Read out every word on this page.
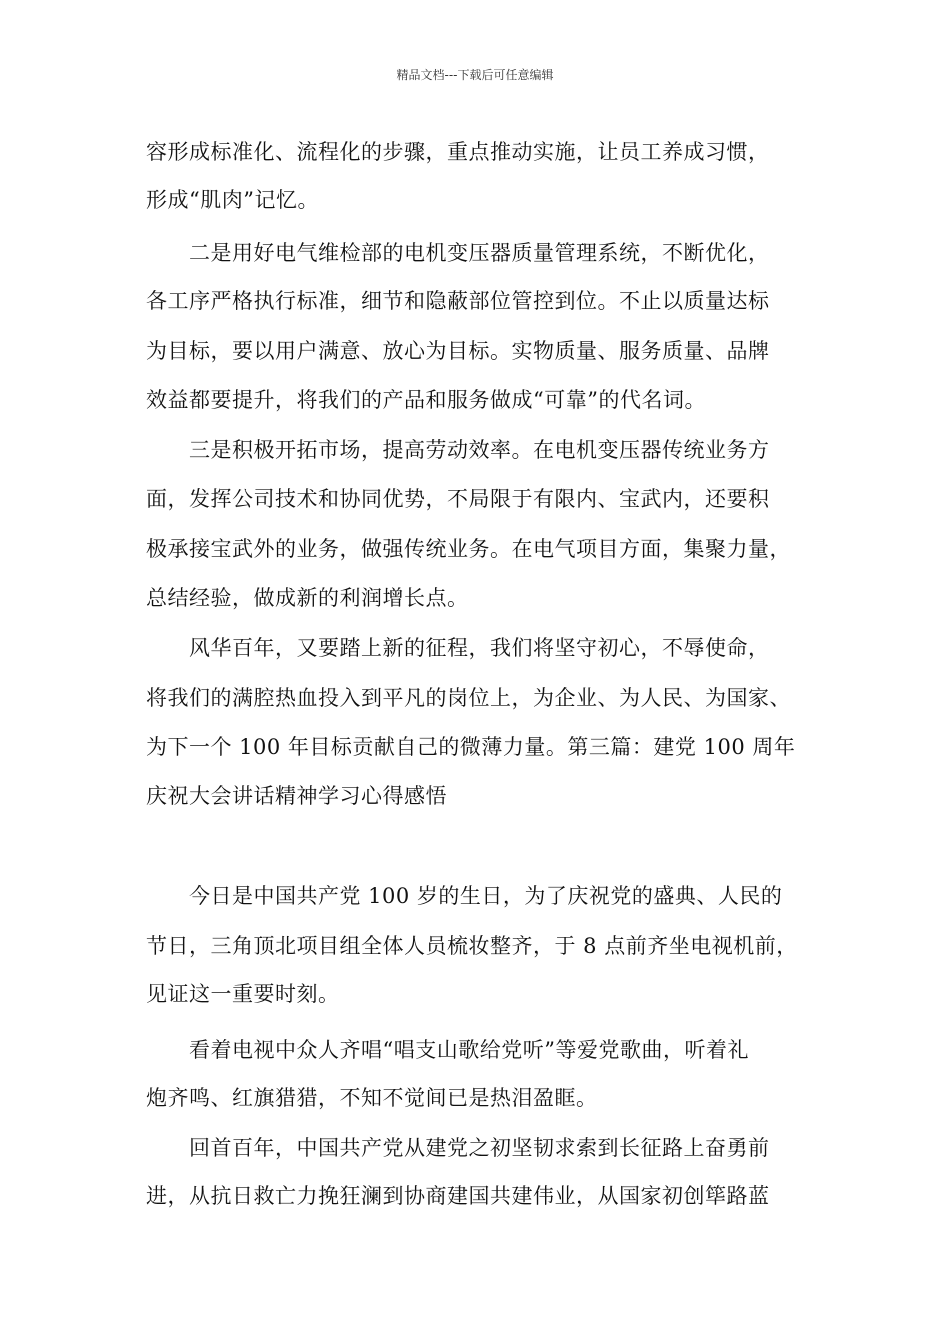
精品文档---下载后可任意编辑
容形成标准化、流程化的步骤，重点推动实施，让员工养成习惯，
形成“肌肉”记忆。
　　二是用好电气维检部的电机变压器质量管理系统，不断优化，
各工序严格执行标准，细节和隐蔽部位管控到位。不止以质量达标
为目标，要以用户满意、放心为目标。实物质量、服务质量、品牌
效益都要提升，将我们的产品和服务做成“可靠”的代名词。
　　三是积极开拓市场，提高劳动效率。在电机变压器传统业务方
面，发挥公司技术和协同优势，不局限于有限内、宝武内，还要积
极承接宝武外的业务，做强传统业务。在电气项目方面，集聚力量，
总结经验，做成新的利润增长点。
　　风华百年，又要踏上新的征程，我们将坚守初心，不辱使命，
将我们的满腔热血投入到平凡的岗位上，为企业、为人民、为国家、
为下一个 100 年目标贡献自己的微薄力量。第三篇：建党 100 周年
庆祝大会讲话精神学习心得感悟
　　今日是中国共产党 100 岁的生日，为了庆祝党的盛典、人民的
节日，三角顶北项目组全体人员梳妆整齐，于 8 点前齐坐电视机前，
见证这一重要时刻。
　　看着电视中众人齐唱“唱支山歌给党听”等爱党歌曲，听着礼
炮齐鸣、红旗猎猎，不知不觉间已是热泪盈眶。
　　回首百年，中国共产党从建党之初坚韧求索到长征路上奋勇前
进，从抗日救亡力挽狂澜到协商建国共建伟业，从国家初创筚路蓝
